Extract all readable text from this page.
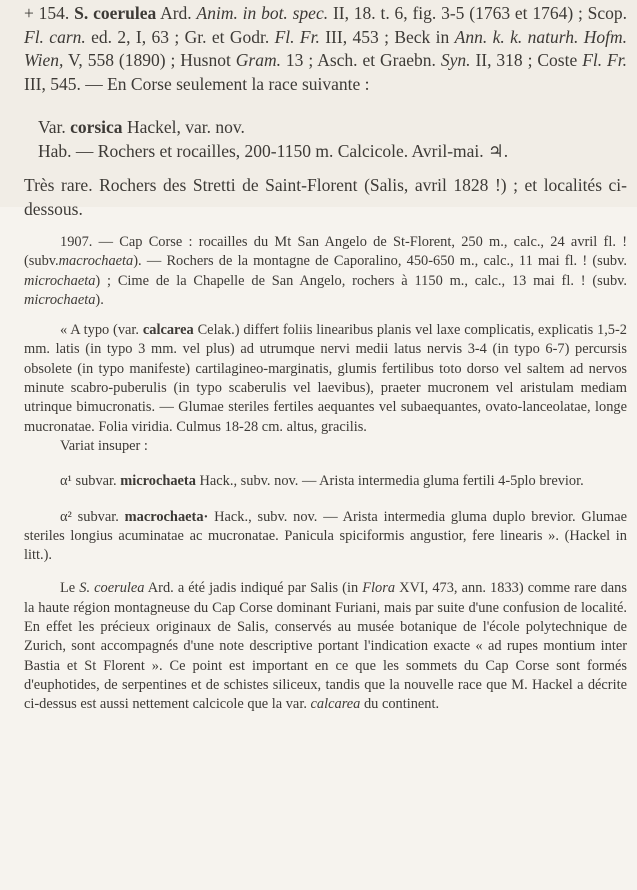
+ 154. S. coerulea Ard. Anim. in bot. spec. II, 18. t. 6, fig. 3-5 (1763 et 1764) ; Scop. Fl. carn. ed. 2, I, 63 ; Gr. et Godr. Fl. Fr. III, 453 ; Beck in Ann. k. k. naturh. Hofm. Wien, V, 558 (1890) ; Husnot Gram. 13 ; Asch. et Graebn. Syn. II, 318 ; Coste Fl. Fr. III, 545. — En Corse seulement la race suivante :

Var. corsica Hackel, var. nov.

Hab. — Rochers et rocailles, 200-1150 m. Calcicole. Avril-mai. ♃.

Très rare. Rochers des Stretti de Saint-Florent (Salis, avril 1828 !) ; et localités ci-dessous.

1907. — Cap Corse : rocailles du Mt San Angelo de St-Florent, 250 m., calc., 24 avril fl. ! (subv.macrochaeta). — Rochers de la montagne de Caporalino, 450-650 m., calc., 11 mai fl. ! (subv. microchaeta) ; Cime de la Chapelle de San Angelo, rochers à 1150 m., calc., 13 mai fl. ! (subv. microchaeta).

« A typo (var. calcarea Celak.) differt foliis linearibus planis vel laxe complicatis, explicatis 1,5-2 mm. latis (in typo 3 mm. vel plus) ad utrumque nervi medii latus nervis 3-4 (in typo 6-7) percursis obsolete (in typo manifeste) cartilagineo-marginatis, glumis fertilibus toto dorso vel saltem ad nervos minute scabro-puberulis (in typo scaberulis vel laevibus), praeter mucronem vel aristulam mediam utrinque bimucronatis. — Glumae steriles fertiles aequantes vel subaequantes, ovato-lanceolatae, longe mucronatae. Folia viridia. Culmus 18-28 cm. altus, gracilis.

Variat insuper :

α¹ subvar. microchaeta Hack., subv. nov. — Arista intermedia gluma fertili 4-5plo brevior.

α² subvar. macrochaeta· Hack., subv. nov. — Arista intermedia gluma duplo brevior. Glumae steriles longius acuminatae ac mucronatae. Panicula spiciformis angustior, fere linearis ». (Hackel in litt.).

Le S. coerulea Ard. a été jadis indiqué par Salis (in Flora XVI, 473, ann. 1833) comme rare dans la haute région montagneuse du Cap Corse dominant Furiani, mais par suite d'une confusion de localité. En effet les précieux originaux de Salis, conservés au musée botanique de l'école polytechnique de Zurich, sont accompagnés d'une note descriptive portant l'indication exacte « ad rupes montium inter Bastia et St Florent ». Ce point est important en ce que les sommets du Cap Corse sont formés d'euphotides, de serpentines et de schistes siliceux, tandis que la nouvelle race que M. Hackel a décrite ci-dessus est aussi nettement calcicole que la var. calcarea du continent.
